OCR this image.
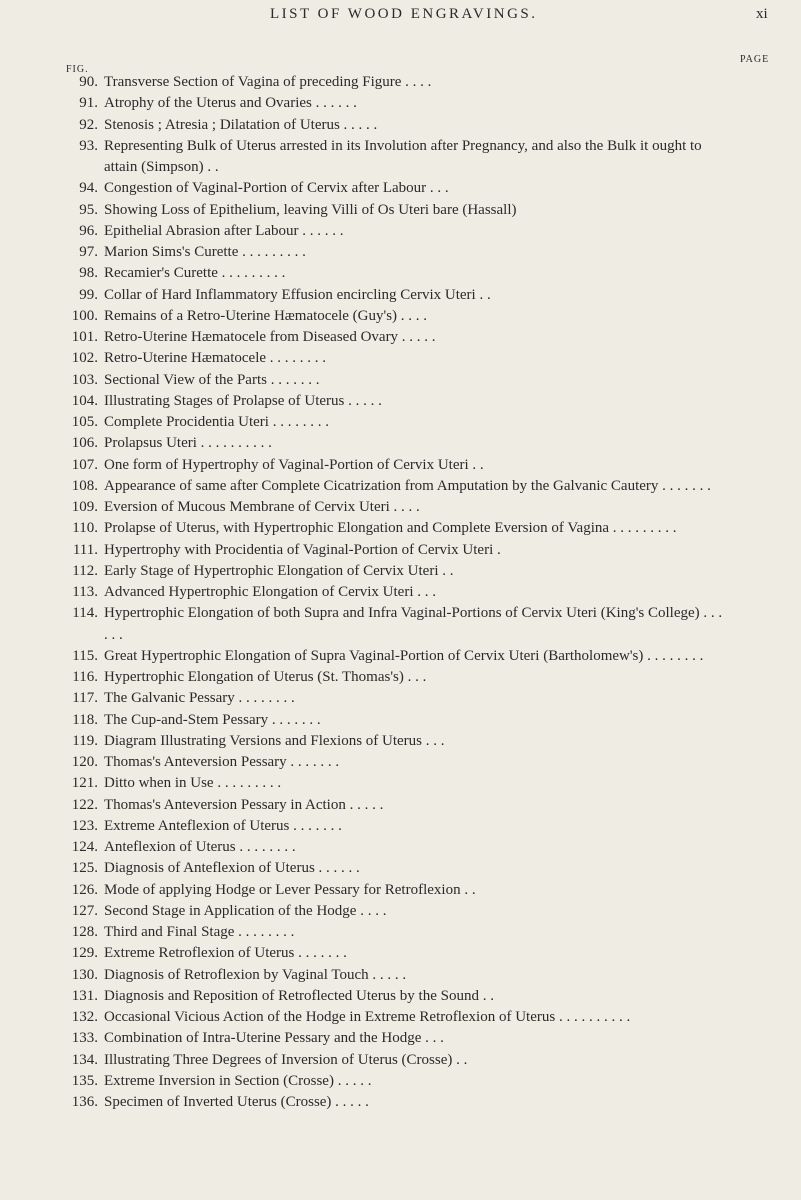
LIST OF WOOD ENGRAVINGS.	xi
FIG.
PAGE
90. Transverse Section of Vagina of preceding Figure . . . .
91. Atrophy of the Uterus and Ovaries . . . . . .
92. Stenosis ; Atresia ; Dilatation of Uterus . . . . .
93. Representing Bulk of Uterus arrested in its Involution after Pregnancy, and also the Bulk it ought to attain (Simpson) . .
94. Congestion of Vaginal-Portion of Cervix after Labour . . .
95. Showing Loss of Epithelium, leaving Villi of Os Uteri bare (Hassall)
96. Epithelial Abrasion after Labour . . . . . .
97. Marion Sims's Curette . . . . . . . . .
98. Recamier's Curette . . . . . . . . .
99. Collar of Hard Inflammatory Effusion encircling Cervix Uteri . .
100. Remains of a Retro-Uterine Hæmatocele (Guy's) . . . .
101. Retro-Uterine Hæmatocele from Diseased Ovary . . . . .
102. Retro-Uterine Hæmatocele . . . . . . . .
103. Sectional View of the Parts . . . . . . .
104. Illustrating Stages of Prolapse of Uterus . . . . .
105. Complete Procidentia Uteri . . . . . . . .
106. Prolapsus Uteri . . . . . . . . . .
107. One form of Hypertrophy of Vaginal-Portion of Cervix Uteri . .
108. Appearance of same after Complete Cicatrization from Amputation by the Galvanic Cautery . . . . . . .
109. Eversion of Mucous Membrane of Cervix Uteri . . . .
110. Prolapse of Uterus, with Hypertrophic Elongation and Complete Eversion of Vagina . . . . . . . . .
111. Hypertrophy with Procidentia of Vaginal-Portion of Cervix Uteri .
112. Early Stage of Hypertrophic Elongation of Cervix Uteri . .
113. Advanced Hypertrophic Elongation of Cervix Uteri . . .
114. Hypertrophic Elongation of both Supra and Infra Vaginal-Portions of Cervix Uteri (King's College) . . . . . .
115. Great Hypertrophic Elongation of Supra Vaginal-Portion of Cervix Uteri (Bartholomew's) . . . . . . . .
116. Hypertrophic Elongation of Uterus (St. Thomas's) . . .
117. The Galvanic Pessary . . . . . . . .
118. The Cup-and-Stem Pessary . . . . . . .
119. Diagram Illustrating Versions and Flexions of Uterus . . .
120. Thomas's Anteversion Pessary . . . . . . .
121. Ditto when in Use . . . . . . . . .
122. Thomas's Anteversion Pessary in Action . . . . .
123. Extreme Anteflexion of Uterus . . . . . . .
124. Anteflexion of Uterus . . . . . . . .
125. Diagnosis of Anteflexion of Uterus . . . . . .
126. Mode of applying Hodge or Lever Pessary for Retroflexion . .
127. Second Stage in Application of the Hodge . . . .
128. Third and Final Stage . . . . . . . .
129. Extreme Retroflexion of Uterus . . . . . . .
130. Diagnosis of Retroflexion by Vaginal Touch . . . . .
131. Diagnosis and Reposition of Retroflected Uterus by the Sound . .
132. Occasional Vicious Action of the Hodge in Extreme Retroflexion of Uterus . . . . . . . . . .
133. Combination of Intra-Uterine Pessary and the Hodge . . .
134. Illustrating Three Degrees of Inversion of Uterus (Crosse) . .
135. Extreme Inversion in Section (Crosse) . . . . .
136. Specimen of Inverted Uterus (Crosse) . . . . .
